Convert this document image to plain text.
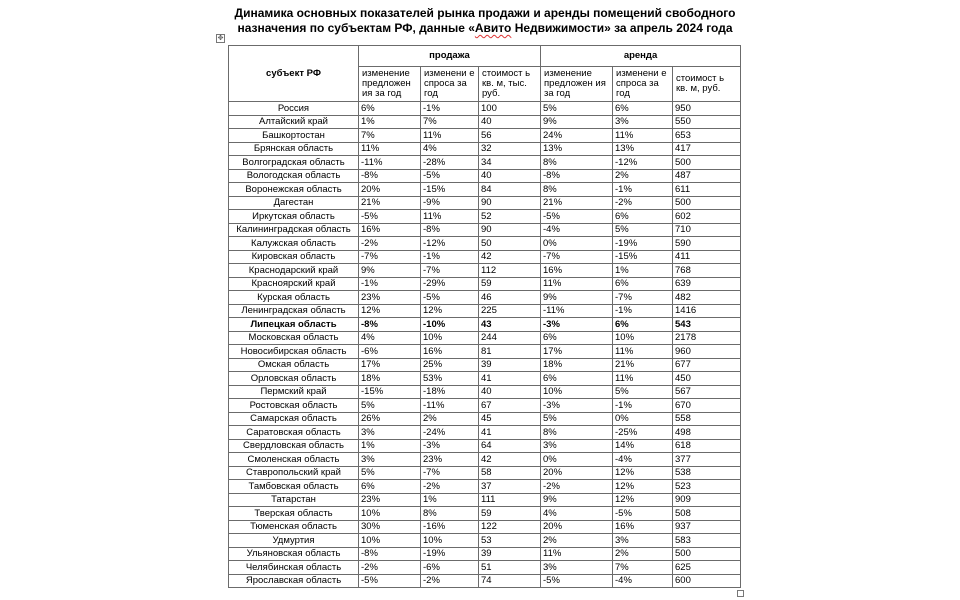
Динамика основных показателей рынка продажи и аренды помещений свободного
назначения по субъектам РФ, данные «Авито Недвижимости» за апрель 2024 года
✥
субъект РФ	продажа			аренда		
	изменение предложен ия за год	изменени е спроса за год	стоимост ь кв. м, тыс. руб.	изменение предложен ия за год	изменени е спроса за год	стоимост ь кв. м, руб.
Россия	6%	-1%	100	5%	6%	950
Алтайский край	1%	7%	40	9%	3%	550
Башкортостан	7%	11%	56	24%	11%	653
Брянская область	11%	4%	32	13%	13%	417
Волгоградская область	-11%	-28%	34	8%	-12%	500
Вологодская область	-8%	-5%	40	-8%	2%	487
Воронежская область	20%	-15%	84	8%	-1%	611
Дагестан	21%	-9%	90	21%	-2%	500
Иркутская область	-5%	11%	52	-5%	6%	602
Калининградская область	16%	-8%	90	-4%	5%	710
Калужская область	-2%	-12%	50	0%	-19%	590
Кировская область	-7%	-1%	42	-7%	-15%	411
Краснодарский край	9%	-7%	112	16%	1%	768
Красноярский край	-1%	-29%	59	11%	6%	639
Курская область	23%	-5%	46	9%	-7%	482
Ленинградская область	12%	12%	225	-11%	-1%	1416
Липецкая область	-8%	-10%	43	-3%	6%	543
Московская область	4%	10%	244	6%	10%	2178
Новосибирская область	-6%	16%	81	17%	11%	960
Омская область	17%	25%	39	18%	21%	677
Орловская область	18%	53%	41	6%	11%	450
Пермский край	-15%	-18%	40	10%	5%	567
Ростовская область	5%	-11%	67	-3%	-1%	670
Самарская область	26%	2%	45	5%	0%	558
Саратовская область	3%	-24%	41	8%	-25%	498
Свердловская область	1%	-3%	64	3%	14%	618
Смоленская область	3%	23%	42	0%	-4%	377
Ставропольский край	5%	-7%	58	20%	12%	538
Тамбовская область	6%	-2%	37	-2%	12%	523
Татарстан	23%	1%	111	9%	12%	909
Тверская область	10%	8%	59	4%	-5%	508
Тюменская область	30%	-16%	122	20%	16%	937
Удмуртия	10%	10%	53	2%	3%	583
Ульяновская область	-8%	-19%	39	11%	2%	500
Челябинская область	-2%	-6%	51	3%	7%	625
Ярославская область	-5%	-2%	74	-5%	-4%	600
